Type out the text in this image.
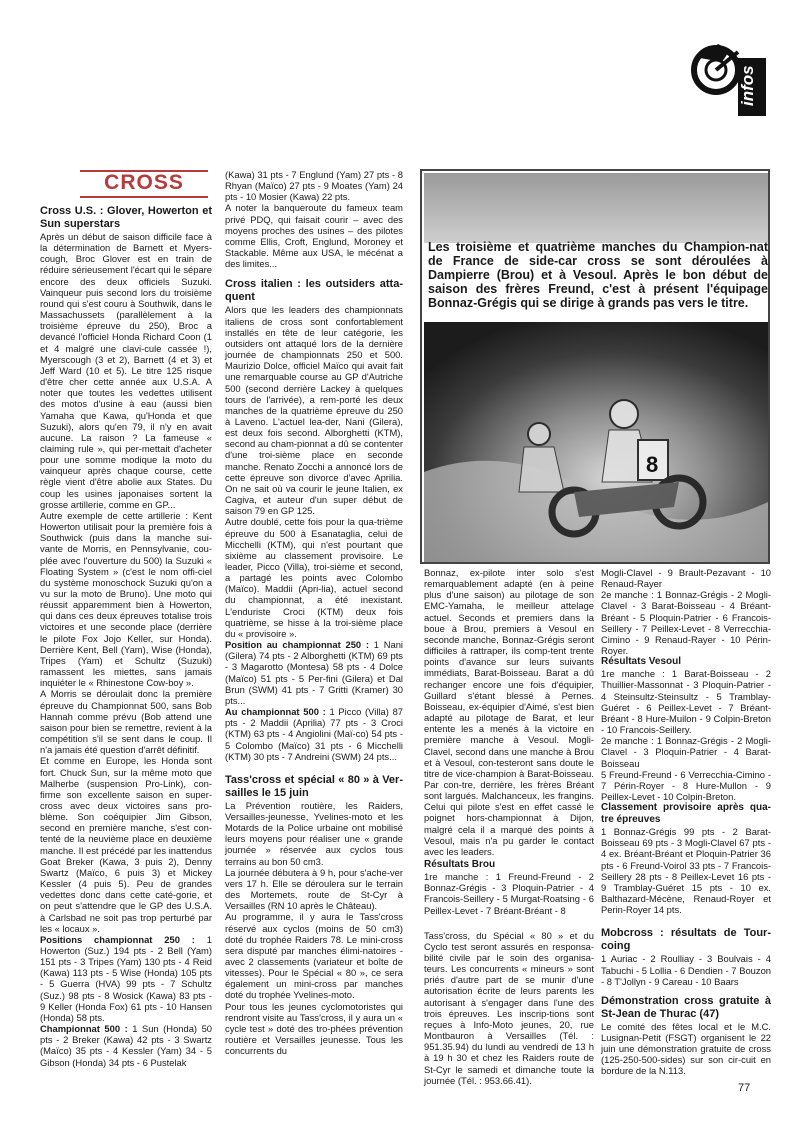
infos
CROSS

Cross U.S. : Glover, Howerton et Sun superstars

Après un début de saison difficile face à la détermination de Barnett et Myers-cough, Broc Glover est en train de réduire sérieusement l'écart qui le sépare encore des deux officiels Suzuki. Vainqueur puis second lors du troisième round qui s'est couru à Southwik, dans le Massachussets (parallèlement à la troisième épreuve du 250), Broc a devancé l'officiel Honda Richard Coon (1 et 4 malgré une clavi-cule cassée !), Myerscough (3 et 2), Barnett (4 et 3) et Jeff Ward (10 et 5). Le titre 125 risque d'être cher cette année aux U.S.A. A noter que toutes les vedettes utilisent des motos d'usine à eau (aussi bien Yamaha que Kawa, qu'Honda et que Suzuki), alors qu'en 79, il n'y en avait aucune. La raison ? La fameuse « claiming rule », qui per-mettait d'acheter pour une somme modique la moto du vainqueur après chaque course, cette règle vient d'être abolie aux States. Du coup les usines japonaises sortent la grosse artillerie, comme en GP...

Autre exemple de cette artillerie : Kent Howerton utilisait pour la première fois à Southwick (puis dans la manche sui-vante de Morris, en Pennsylvanie, cou-plée avec l'ouverture du 500) la Suzuki « Floating System » (c'est le nom offi-ciel du système monoschock Suzuki qu'on a vu sur la moto de Bruno). Une moto qui réussit apparemment bien à Howerton, qui dans ces deux épreuves totalise trois victoires et une seconde place (derrière le pilote Fox Jojo Keller, sur Honda). Derrière Kent, Bell (Yam), Wise (Honda), Tripes (Yam) et Schultz (Suzuki) ramassent les miettes, sans jamais inquiéter le « Rhinestone Cow-boy ».

A Morris se déroulait donc la première épreuve du Championnat 500, sans Bob Hannah comme prévu (Bob attend une saison pour bien se remettre, revient à la compétition s'il se sent dans le coup. Il n'a jamais été question d'arrêt définitif.

Et comme en Europe, les Honda sont fort. Chuck Sun, sur la même moto que Malherbe (suspension Pro-Link), con-firme son excellente saison en super-cross avec deux victoires sans pro-blème. Son coéquipier Jim Gibson, second en première manche, s'est con-tenté de la neuvième place en deuxième manche. Il est précédé par les inattendus Goat Breker (Kawa, 3 puis 2), Denny Swartz (Maïco, 6 puis 3) et Mickey Kessler (4 puis 5). Peu de grandes vedettes donc dans cette caté-gorie, et on peut s'attendre que le GP des U.S.A. à Carlsbad ne soit pas trop perturbé par les « locaux ».

Positions championnat 250 : 1 Howerton (Suz.) 194 pts - 2 Bell (Yam) 151 pts - 3 Tripes (Yam) 130 pts - 4 Reid (Kawa) 113 pts - 5 Wise (Honda) 105 pts - 5 Guerra (HVA) 99 pts - 7 Schultz (Suz.) 98 pts - 8 Wosick (Kawa) 83 pts - 9 Keller (Honda Fox) 61 pts - 10 Hansen (Honda) 58 pts.

Championnat 500 : 1 Sun (Honda) 50 pts - 2 Breker (Kawa) 42 pts - 3 Swartz (Maïco) 35 pts - 4 Kessler (Yam) 34 - 5 Gibson (Honda) 34 pts - 6 Pustelak

(Kawa) 31 pts - 7 Englund (Yam) 27 pts - 8 Rhyan (Maïco) 27 pts - 9 Moates (Yam) 24 pts - 10 Mosier (Kawa) 22 pts.

A noter la banqueroute du fameux team privé PDQ, qui faisait courir – avec des moyens proches des usines – des pilotes comme Ellis, Croft, Englund, Moroney et Stackable. Même aux USA, le mécénat a des limites...

Cross italien : les outsiders atta-quent

Alors que les leaders des championnats italiens de cross sont confortablement installés en tête de leur catégorie, les outsiders ont attaqué lors de la dernière journée de championnats 250 et 500. Maurizio Dolce, officiel Maïco qui avait fait une remarquable course au GP d'Autriche 500 (second derrière Lackey à quelques tours de l'arrivée), a rem-porté les deux manches de la quatrième épreuve du 250 à Laveno. L'actuel lea-der, Nani (Gilera), est deux fois second. Alborghetti (KTM), second au cham-pionnat a dû se contenter d'une troi-sième place en seconde manche. Renato Zocchi a annoncé lors de cette épreuve son divorce d'avec Aprilia. On ne sait où va courir le jeune Italien, ex Cagiva, et auteur d'un super début de saison 79 en GP 125.

Autre doublé, cette fois pour la qua-trième épreuve du 500 à Esanataglia, celui de Micchelli (KTM), qui n'est pourtant que sixième au classement provisoire. Le leader, Picco (Villa), troi-sième et second, a partagé les points avec Colombo (Maïco). Maddii (Apri-lia), actuel second du championnat, a été inexistant. L'enduriste Croci (KTM) deux fois quatrième, se hisse à la troi-sième place du « provisoire ».

Position au championnat 250 : 1 Nani (Gilera) 74 pts - 2 Alborghetti (KTM) 69 pts - 3 Magarotto (Montesa) 58 pts - 4 Dolce (Maïco) 51 pts - 5 Per-fini (Gilera) et Dal Brun (SWM) 41 pts - 7 Gritti (Kramer) 30 pts...

Au championnat 500 : 1 Picco (Villa) 87 pts - 2 Maddii (Aprilia) 77 pts - 3 Croci (KTM) 63 pts - 4 Angiolini (Maï-co) 54 pts - 5 Colombo (Maïco) 31 pts - 6 Micchelli (KTM) 30 pts - 7 Andreini (SWM) 24 pts...

Tass'cross et spécial « 80 » à Ver-sailles le 15 juin

La Prévention routière, les Raiders, Versailles-jeunesse, Yvelines-moto et les Motards de la Police urbaine ont mobilisé leurs moyens pour réaliser une « grande journée » réservée aux cyclos tous terrains au bon 50 cm3.

La journée débutera à 9 h, pour s'ache-ver vers 17 h. Elle se déroulera sur le terrain des Mortemets, route de St-Cyr à Versailles (RN 10 après le Château).

Au programme, il y aura le Tass'cross réservé aux cyclos (moins de 50 cm3) doté du trophée Raiders 78. Le mini-cross sera disputé par manches élimi-natoires - avec 2 classements (variateur et boîte de vitesses). Pour le Spécial « 80 », ce sera également un mini-cross par manches doté du trophée Yvelines-moto.

Pour tous les jeunes cyclomotoristes qui rendront visite au Tass'cross, il y aura un « cycle test » doté des tro-phées prévention routière et Versailles jeunesse. Tous les concurrents du

Les troisième et quatrième manches du Champion-nat de France de side-car cross se sont déroulées à Dampierre (Brou) et à Vesoul. Après le bon début de saison des frères Freund, c'est à présent l'équipage Bonnaz-Grégis qui se dirige à grands pas vers le titre.
8

Bonnaz, ex-pilote inter solo s'est remarquablement adapté (en à peine plus d'une saison) au pilotage de son EMC-Yamaha, le meilleur attelage actuel. Seconds et premiers dans la boue à Brou, premiers à Vesoul en seconde manche, Bonnaz-Grégis seront difficiles à rattraper, ils comp-tent trente points d'avance sur leurs suivants immédiats, Barat-Boisseau. Barat a dû rechanger encore une fois d'équipier, Guillard s'étant blessé à Pernes. Boisseau, ex-équipier d'Aimé, s'est bien adapté au pilotage de Barat, et leur entente les a menés à la victoire en première manche à Vesoul. Mogli-Clavel, second dans une manche à Brou et à Vesoul, con-testeront sans doute le titre de vice-champion à Barat-Boisseau. Par con-tre, derrière, les frères Bréant sont largués. Malchanceux, les frangins. Celui qui pilote s'est en effet cassé le poignet hors-championnat à Dijon, malgré cela il a marqué des points à Vesoul, mais n'a pu garder le contact avec les leaders.

Résultats Brou

1re manche : 1 Freund-Freund - 2 Bonnaz-Grégis - 3 Ploquin-Patrier - 4 Francois-Seillery - 5 Murgat-Roatsing - 6 Peillex-Levet - 7 Bréant-Bréant - 8

Tass'cross, du Spécial « 80 » et du Cyclo test seront assurés en responsa-bilité civile par le soin des organisa-teurs. Les concurrents « mineurs » sont priés d'autre part de se munir d'une autorisation écrite de leurs parents les autorisant à s'engager dans l'une des trois épreuves. Les inscrip-tions sont reçues à Info-Moto jeunes, 20, rue Montbauron à Versailles (Tél. : 951.35.94) du lundi au vendredi de 13 h à 19 h 30 et chez les Raiders route de St-Cyr le samedi et dimanche toute la journée (Tél. : 953.66.41).

Mogli-Clavel - 9 Brault-Pezavant - 10 Renaud-Rayer

2e manche : 1 Bonnaz-Grégis - 2 Mogli-Clavel - 3 Barat-Boisseau - 4 Bréant-Bréant - 5 Ploquin-Patrier - 6 Francois-Seillery - 7 Peillex-Levet - 8 Verrecchia-Cimino - 9 Renaud-Rayer - 10 Périn-Royer.

Résultats Vesoul

1re manche : 1 Barat-Boisseau - 2 Thuillier-Massonnat - 3 Ploquin-Patrier - 4 Steinsultz-Steinsultz - 5 Tramblay-Guéret - 6 Peillex-Levet - 7 Bréant-Bréant - 8 Hure-Muilon - 9 Colpin-Breton - 10 Francois-Seillery.

2e manche : 1 Bonnaz-Grégis - 2 Mogli-Clavel - 3 Ploquin-Patrier - 4 Barat-Boisseau

5 Freund-Freund - 6 Verrecchia-Cimino - 7 Périn-Royer - 8 Hure-Mullon - 9 Peillex-Levet - 10 Colpin-Breton.

Classement provisoire après qua-tre épreuves

1 Bonnaz-Grégis 99 pts - 2 Barat-Boisseau 69 pts - 3 Mogli-Clavel 67 pts - 4 ex. Bréant-Bréant et Ploquin-Patrier 36 pts - 6 Freund-Voirol 33 pts - 7 Francois-Seillery 28 pts - 8 Peillex-Levet 16 pts - 9 Tramblay-Guéret 15 pts - 10 ex. Balthazard-Mécène, Renaud-Royer et Perin-Royer 14 pts.

Mobcross : résultats de Tour-coing

1 Auriac - 2 Roulliay - 3 Boulvais - 4 Tabuchi - 5 Lollia - 6 Dendien - 7 Bouzon - 8 T'Jollyn - 9 Careau - 10 Baars

Démonstration cross gratuite à St-Jean de Thurac (47)

Le comité des fêtes local et le M.C. Lusignan-Petit (FSGT) organisent le 22 juin une démonstration gratuite de cross (125-250-500-sides) sur son cir-cuit en bordure de la N.113.

77
